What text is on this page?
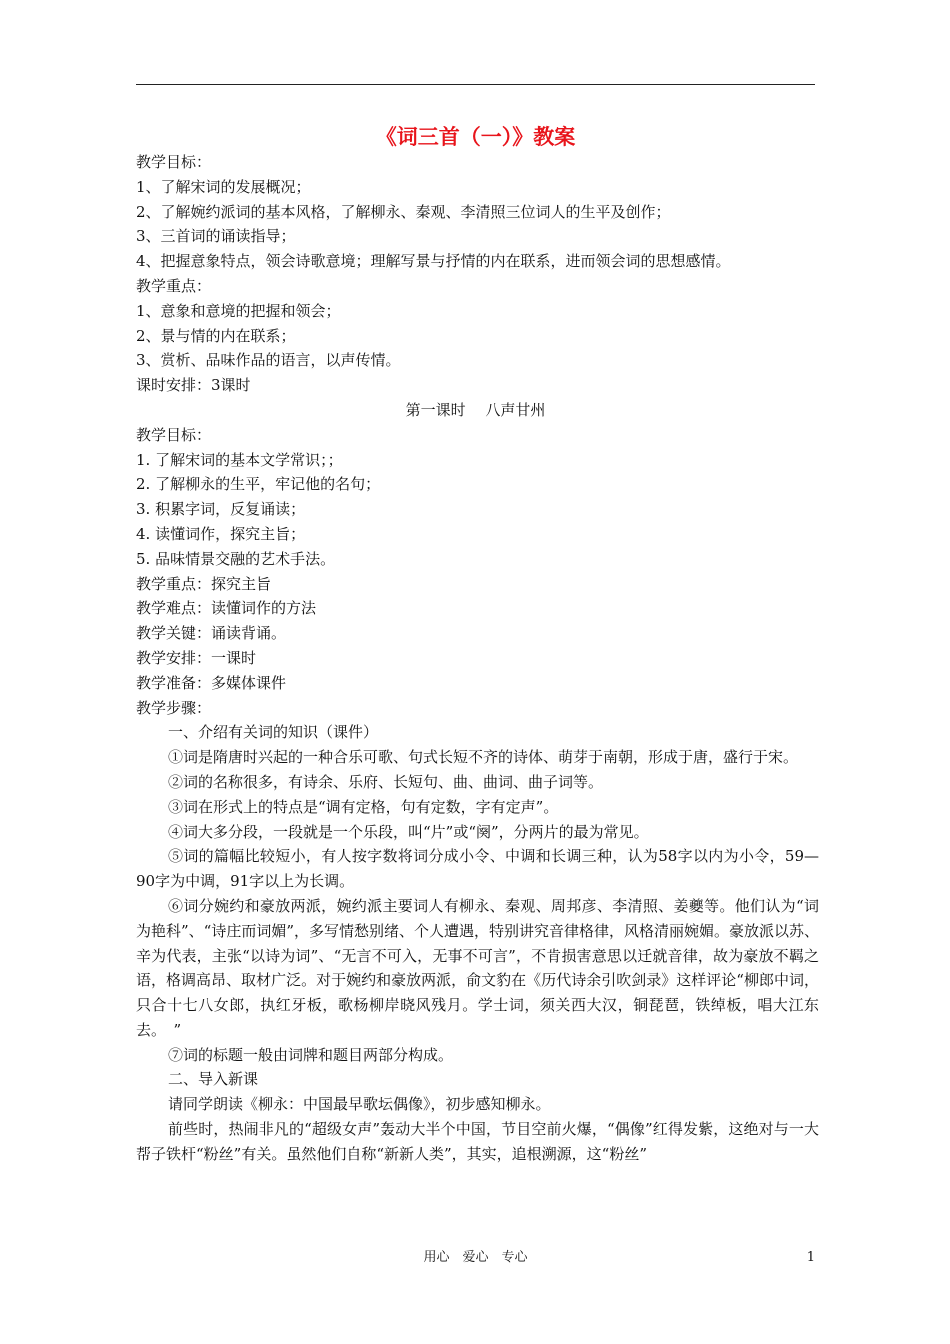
《词三首（一）》教案
教学目标：
1、了解宋词的发展概况；
2、了解婉约派词的基本风格，了解柳永、秦观、李清照三位词人的生平及创作；
3、三首词的诵读指导；
4、把握意象特点，领会诗歌意境；理解写景与抒情的内在联系，进而领会词的思想感情。
教学重点：
1、意象和意境的把握和领会；
2、景与情的内在联系；
3、赏析、品味作品的语言，以声传情。
课时安排：3课时
第一课时　 八声甘州
教学目标：
1. 了解宋词的基本文学常识；；
2. 了解柳永的生平，牢记他的名句；
3. 积累字词，反复诵读；
4. 读懂词作，探究主旨；
5. 品味情景交融的艺术手法。
教学重点：探究主旨
教学难点：读懂词作的方法
教学关键：诵读背诵。
教学安排：一课时
教学准备：多媒体课件
教学步骤：
一、介绍有关词的知识（课件）
①词是隋唐时兴起的一种合乐可歌、句式长短不齐的诗体、萌芽于南朝，形成于唐，盛行于宋。
②词的名称很多，有诗余、乐府、长短句、曲、曲词、曲子词等。
③词在形式上的特点是“调有定格，句有定数，字有定声”。
④词大多分段，一段就是一个乐段，叫“片”或“阕”，分两片的最为常见。
⑤词的篇幅比较短小，有人按字数将词分成小令、中调和长调三种，认为58字以内为小令，59—90字为中调，91字以上为长调。
⑥词分婉约和豪放两派，婉约派主要词人有柳永、秦观、周邦彦、李清照、姜夔等。他们认为“词为艳科”、“诗庄而词媚”，多写情愁别绪、个人遭遇，特别讲究音律格律，风格清丽婉媚。豪放派以苏、辛为代表，主张“以诗为词”、“无言不可入，无事不可言”，不肯损害意思以迁就音律，故为豪放不羁之语，格调高昂、取材广泛。对于婉约和豪放两派，俞文豹在《历代诗余引吹剑录》这样评论“柳郎中词，只合十七八女郎，执红牙板，歌杨柳岸晓风残月。学士词，须关西大汉，铜琵琶，铁绰板，唱大江东去。　”
⑦词的标题一般由词牌和题目两部分构成。
二、导入新课
请同学朗读《柳永：中国最早歌坛偶像》，初步感知柳永。
前些时，热闹非凡的“超级女声”轰动大半个中国，节目空前火爆，“偶像”红得发紫，这绝对与一大帮子铁杆“粉丝”有关。虽然他们自称“新新人类”，其实，追根溯源，这“粉丝”
用心　爱心　专心	1
